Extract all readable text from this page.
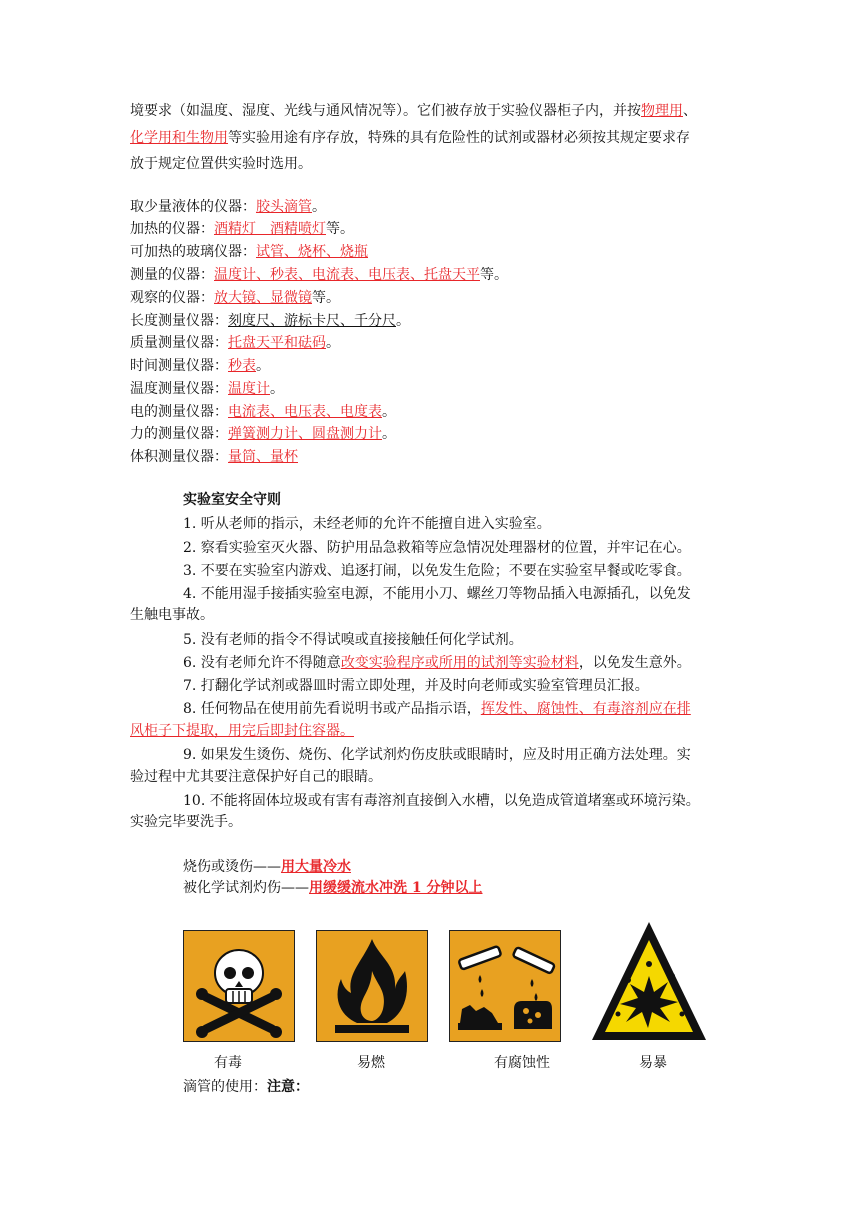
境要求（如温度、湿度、光线与通风情况等）。它们被存放于实验仪器柜子内，并按物理用、
化学用和生物用等实验用途有序存放，特殊的具有危险性的试剂或器材必须按其规定要求存
放于规定位置供实验时选用。
取少量液体的仪器：胶头滴管。
加热的仪器：酒精灯　酒精喷灯等。
可加热的玻璃仪器：试管、烧杯、烧瓶
测量的仪器：温度计、秒表、电流表、电压表、托盘天平等。
观察的仪器：放大镜、显微镜等。
长度测量仪器：刻度尺、游标卡尺、千分尺。
质量测量仪器：托盘天平和砝码。
时间测量仪器：秒表。
温度测量仪器：温度计。
电的测量仪器：电流表、电压表、电度表。
力的测量仪器：弹簧测力计、圆盘测力计。
体积测量仪器：量筒、量杯
实验室安全守则
1. 听从老师的指示，未经老师的允许不能擅自进入实验室。
2. 察看实验室灭火器、防护用品急救箱等应急情况处理器材的位置，并牢记在心。
3. 不要在实验室内游戏、追逐打闹，以免发生危险；不要在实验室早餐或吃零食。
4. 不能用湿手接插实验室电源，不能用小刀、螺丝刀等物品插入电源插孔，以免发
生触电事故。
5. 没有老师的指令不得试嗅或直接接触任何化学试剂。
6. 没有老师允许不得随意改变实验程序或所用的试剂等实验材料，以免发生意外。
7. 打翻化学试剂或器皿时需立即处理，并及时向老师或实验室管理员汇报。
8. 任何物品在使用前先看说明书或产品指示语，挥发性、腐蚀性、有毒溶剂应在排
风柜子下提取，用完后即封住容器。
9. 如果发生烫伤、烧伤、化学试剂灼伤皮肤或眼睛时，应及时用正确方法处理。实
验过程中尤其要注意保护好自己的眼睛。
10. 不能将固体垃圾或有害有毒溶剂直接倒入水槽，以免造成管道堵塞或环境污染。
实验完毕要洗手。
烧伤或烫伤——用大量冷水
被化学试剂灼伤——用缓缓流水冲洗 1 分钟以上
有毒	易燃	有腐蚀性	易暴
滴管的使用：注意：
